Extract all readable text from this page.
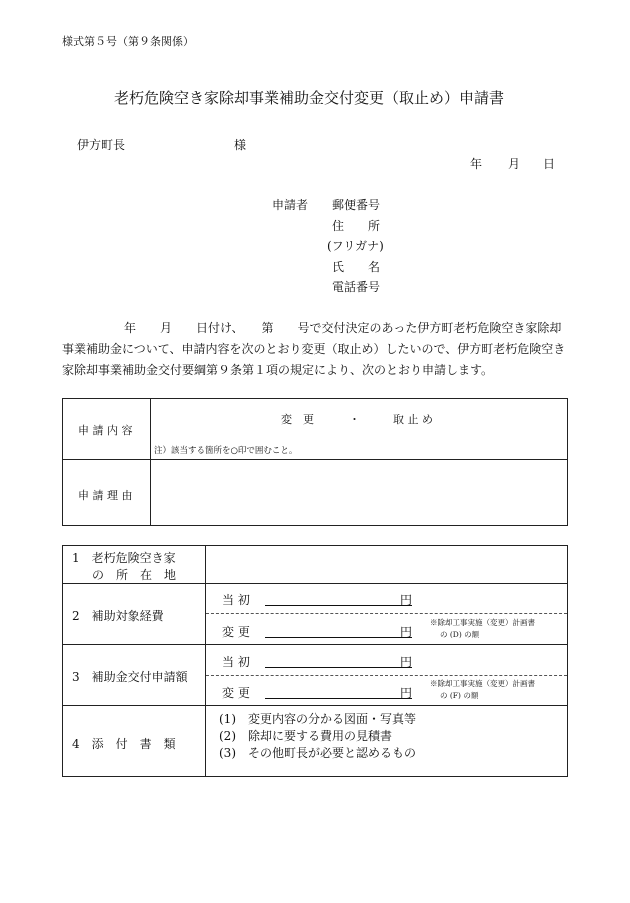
様式第５号（第９条関係）
老朽危険空き家除却事業補助金交付変更（取止め）申請書
伊方町長	様
年 月 日
申請者 郵便番号
住　　所
(フリガナ)
氏　　名
電話番号
年　　月　　日付け、　　第　　号で交付決定のあった伊方町老朽危険空き家除却事業補助金について、申請内容を次のとおり変更（取止め）したいので、伊方町老朽危険空き家除却事業補助金交付要綱第９条第１項の規定により、次のとおり申請します。
申 請 内 容
変　更	・	取 止 め
注）該当する箇所を○印で囲むこと。
申 請 理 由
1　老朽危険空き家
の　所　在　地
2　補助対象経費
当 初	円
変 更	円
※除却工事実施（変更）計画書
の (D) の額
3　補助金交付申請額
当 初	円
変 更	円
※除却工事実施（変更）計画書
の (F) の額
4　添　付　書　類
(1)　変更内容の分かる図面・写真等
(2)　除却に要する費用の見積書
(3)　その他町長が必要と認めるもの
